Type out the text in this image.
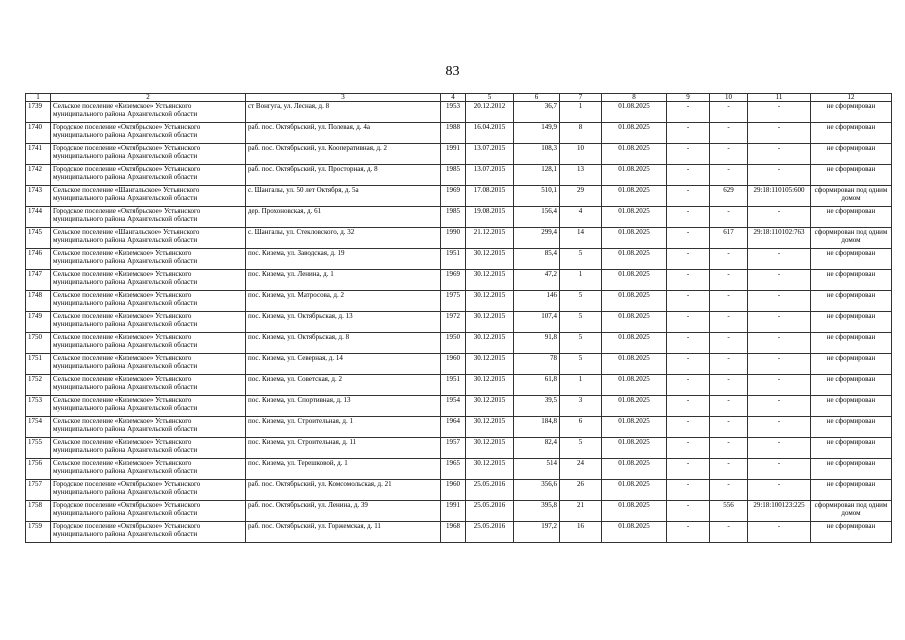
83
1	2	3	4	5	6	7	8	9	10	11	12
1739	Сельское поселение «Киземское» Устьянского муниципального района Архангельской области	ст Вонгуга, ул. Лесная, д. 8	1953	20.12.2012	36,7	1	01.08.2025	-	-	-	не сформирован
1740	Городское поселение «Октябрьское» Устьянского муниципального района Архангельской области	раб. пос. Октябрьский, ул. Полевая, д. 4а	1988	16.04.2015	149,9	8	01.08.2025	-	-	-	не сформирован
1741	Городское поселение «Октябрьское» Устьянского муниципального района Архангельской области	раб. пос. Октябрьский, ул. Кооперативная, д. 2	1991	13.07.2015	108,3	10	01.08.2025	-	-	-	не сформирован
1742	Городское поселение «Октябрьское» Устьянского муниципального района Архангельской области	раб. пос. Октябрьский, ул. Просторная, д. 8	1985	13.07.2015	128,1	13	01.08.2025	-	-	-	не сформирован
1743	Сельское поселение «Шангальское» Устьянского муниципального района Архангельской области	с. Шангалы, ул. 50 лет Октября, д. 5а	1969	17.08.2015	510,1	29	01.08.2025	-	629	29:18:110105:600	сформирован под одним домом
1744	Городское поселение «Октябрьское» Устьянского муниципального района Архангельской области	дер. Прохоновская, д. 61	1985	19.08.2015	156,4	4	01.08.2025	-	-	-	не сформирован
1745	Сельское поселение «Шангальское» Устьянского муниципального района Архангельской области	с. Шангалы, ул. Стекловского, д. 32	1990	21.12.2015	299,4	14	01.08.2025	-	617	29:18:110102:763	сформирован под одним домом
1746	Сельское поселение «Киземское» Устьянского муниципального района Архангельской области	пос. Кизема, ул. Заводская, д. 19	1951	30.12.2015	85,4	5	01.08.2025	-	-	-	не сформирован
1747	Сельское поселение «Киземское» Устьянского муниципального района Архангельской области	пос. Кизема, ул. Ленина, д. 1	1969	30.12.2015	47,2	1	01.08.2025	-	-	-	не сформирован
1748	Сельское поселение «Киземское» Устьянского муниципального района Архангельской области	пос. Кизема, ул. Матросова, д. 2	1975	30.12.2015	146	5	01.08.2025	-	-	-	не сформирован
1749	Сельское поселение «Киземское» Устьянского муниципального района Архангельской области	пос. Кизема, ул. Октябрьская, д. 13	1972	30.12.2015	107,4	5	01.08.2025	-	-	-	не сформирован
1750	Сельское поселение «Киземское» Устьянского муниципального района Архангельской области	пос. Кизема, ул. Октябрьская, д. 8	1950	30.12.2015	91,8	5	01.08.2025	-	-	-	не сформирован
1751	Сельское поселение «Киземское» Устьянского муниципального района Архангельской области	пос. Кизема, ул. Северная, д. 14	1960	30.12.2015	78	5	01.08.2025	-	-	-	не сформирован
1752	Сельское поселение «Киземское» Устьянского муниципального района Архангельской области	пос. Кизема, ул. Советская, д. 2	1951	30.12.2015	61,8	1	01.08.2025	-	-	-	не сформирован
1753	Сельское поселение «Киземское» Устьянского муниципального района Архангельской области	пос. Кизема, ул. Спортивная, д. 13	1954	30.12.2015	39,5	3	01.08.2025	-	-	-	не сформирован
1754	Сельское поселение «Киземское» Устьянского муниципального района Архангельской области	пос. Кизема, ул. Строительная, д. 1	1964	30.12.2015	184,8	6	01.08.2025	-	-	-	не сформирован
1755	Сельское поселение «Киземское» Устьянского муниципального района Архангельской области	пос. Кизема, ул. Строительная, д. 11	1957	30.12.2015	82,4	5	01.08.2025	-	-	-	не сформирован
1756	Сельское поселение «Киземское» Устьянского муниципального района Архангельской области	пос. Кизема, ул. Терешковой, д. 1	1965	30.12.2015	514	24	01.08.2025	-	-	-	не сформирован
1757	Городское поселение «Октябрьское» Устьянского муниципального района Архангельской области	раб. пос. Октябрьский, ул. Комсомольская, д. 21	1960	25.05.2016	356,6	26	01.08.2025	-	-	-	не сформирован
1758	Городское поселение «Октябрьское» Устьянского муниципального района Архангельской области	раб. пос. Октябрьский, ул. Ленина, д. 39	1991	25.05.2016	395,8	21	01.08.2025	-	556	29:18:100123:225	сформирован под одним домом
1759	Городское поселение «Октябрьское» Устьянского муниципального района Архангельской области	раб. пос. Октябрьский, ул. Горжемская, д. 11	1968	25.05.2016	197,2	16	01.08.2025	-	-	-	не сформирован
